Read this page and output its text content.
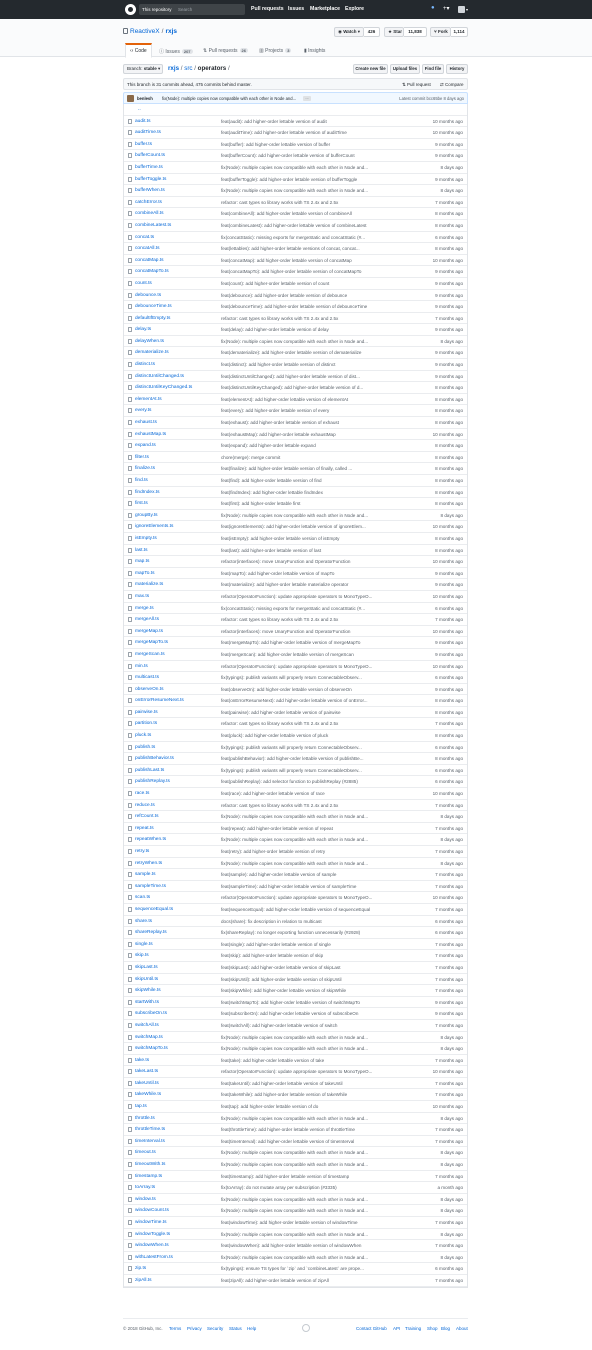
This repository Search	Pull requests Issues Marketplace Explore	● +▾	▾
ReactiveX / rxjs	◉ Watch ▾	426	★ Star	11,838	⑂ Fork	1,114
‹› Code	ⓘ Issues 207	⇅ Pull requests 26	▥ Projects 3	▮ Insights
Branch: stable ▾	rxjs / src / operators /	Create new file	Upload files	Find file	History
This branch is 31 commits ahead, 475 commits behind master.	⇅ Pull request ⇄ Compare
benlesh fix(Node): multiple copies now compatible with each other in Node and...	...	Latest commit bcc65be 8 days ago
..
audit.ts	feat(audit): add higher-order lettable version of audit	10 months ago
auditTime.ts	feat(auditTime): add higher-order lettable version of auditTime	10 months ago
buffer.ts	feat(buffer): add higher-order lettable version of buffer	9 months ago
bufferCount.ts	feat(bufferCount): add higher-order lettable version of bufferCount	9 months ago
bufferTime.ts	fix(Node): multiple copies now compatible with each other in Node and...	8 days ago
bufferToggle.ts	feat(bufferToggle): add higher-order lettable version of bufferToggle	9 months ago
bufferWhen.ts	fix(Node): multiple copies now compatible with each other in Node and...	8 days ago
catchError.ts	refactor: cast types so library works with TS 2.4x and 2.5x	7 months ago
combineAll.ts	feat(combineAll): add higher-order lettable version of combineAll	8 months ago
combineLatest.ts	feat(combineLatest): add higher-order lettable version of combineLatest	8 months ago
concat.ts	fix(concatStatic): missing exports for mergeStatic and concatStatic (#...	6 months ago
concatAll.ts	feat(lettables): add higher-order lettable versions of concat, concat...	8 months ago
concatMap.ts	feat(concatMap): add higher-order lettable version of concatMap	10 months ago
concatMapTo.ts	feat(concatMapTo): add higher-order lettable version of concatMapTo	9 months ago
count.ts	feat(count): add higher-order lettable version of count	9 months ago
debounce.ts	feat(debounce): add higher-order lettable version of debounce	9 months ago
debounceTime.ts	feat(debounceTime): add higher-order lettable version of debounceTime	9 months ago
defaultIfEmpty.ts	refactor: cast types so library works with TS 2.4x and 2.5x	7 months ago
delay.ts	feat(delay): add higher-order lettable version of delay	9 months ago
delayWhen.ts	fix(Node): multiple copies now compatible with each other in Node and...	8 days ago
dematerialize.ts	feat(dematerialize): add higher-order lettable version of dematerialize	9 months ago
distinct.ts	feat(distinct): add higher-order lettable version of distinct	9 months ago
distinctUntilChanged.ts	feat(distinctUntilChanged): add higher-order lettable version of dist...	9 months ago
distinctUntilKeyChanged.ts	feat(distinctUntilKeyChanged): add higher-order lettable version of d...	8 months ago
elementAt.ts	feat(elementAt): add higher-order lettable version of elementAt	8 months ago
every.ts	feat(every): add higher-order lettable version of every	8 months ago
exhaust.ts	feat(exhaust): add higher-order lettable version of exhaust	8 months ago
exhaustMap.ts	feat(exhaustMap): add higher-order lettable exhaustMap	10 months ago
expand.ts	feat(expand): add higher-order lettable expand	8 months ago
filter.ts	chore(merge): merge commit	8 months ago
finalize.ts	feat(finalize): add higher-order lettable version of finally, called ...	8 months ago
find.ts	feat(find): add higher-order lettable version of find	8 months ago
findIndex.ts	feat(findIndex): add higher-order lettable findIndex	8 months ago
first.ts	feat(first): add higher-order lettable first	8 months ago
groupBy.ts	fix(Node): multiple copies now compatible with each other in Node and...	8 days ago
ignoreElements.ts	feat(ignoreElements): add higher-order lettable version of ignoreElem...	10 months ago
isEmpty.ts	feat(isEmpty): add higher-order lettable version of isEmpty	8 months ago
last.ts	feat(last): add higher-order lettable version of last	8 months ago
map.ts	refactor(interfaces): move UnaryFunction and OperatorFunction	10 months ago
mapTo.ts	feat(mapTo): add higher-order lettable version of mapTo	9 months ago
materialize.ts	feat(materialize): add higher-order lettable materialize operator	9 months ago
max.ts	refactor(OperatorFunction): update appropriate operators to MonoTypeO...	10 months ago
merge.ts	fix(concatStatic): missing exports for mergeStatic and concatStatic (#...	6 months ago
mergeAll.ts	refactor: cast types so library works with TS 2.4x and 2.5x	7 months ago
mergeMap.ts	refactor(interfaces): move UnaryFunction and OperatorFunction	10 months ago
mergeMapTo.ts	feat(mergeMapTo): add higher-order lettable version of mergeMapTo	9 months ago
mergeScan.ts	feat(mergeScan): add higher-order lettable version of mergeScan	9 months ago
min.ts	refactor(OperatorFunction): update appropriate operators to MonoTypeO...	10 months ago
multicast.ts	fix(typings): publish variants will properly return ConnectableObserv...	6 months ago
observeOn.ts	feat(observeOn): add higher-order lettable version of observeOn	9 months ago
onErrorResumeNext.ts	feat(onErrorResumeNext): add higher-order lettable version of onError...	8 months ago
pairwise.ts	feat(pairwise): add higher-order lettable version of pairwise	8 months ago
partition.ts	refactor: cast types so library works with TS 2.4x and 2.5x	7 months ago
pluck.ts	feat(pluck): add higher-order lettable version of pluck	8 months ago
publish.ts	fix(typings): publish variants will properly return ConnectableObserv...	6 months ago
publishBehavior.ts	feat(publishBehavior): add higher-order lettable version of publishBe...	8 months ago
publishLast.ts	fix(typings): publish variants will properly return ConnectableObserv...	6 months ago
publishReplay.ts	feat(publishReplay): add selector function to publishReplay (#2885)	6 months ago
race.ts	feat(race): add higher-order lettable version of race	10 months ago
reduce.ts	refactor: cast types so library works with TS 2.4x and 2.5x	7 months ago
refCount.ts	fix(Node): multiple copies now compatible with each other in Node and...	8 days ago
repeat.ts	feat(repeat): add higher-order lettable version of repeat	7 months ago
repeatWhen.ts	fix(Node): multiple copies now compatible with each other in Node and...	8 days ago
retry.ts	feat(retry): add higher-order lettable version of retry	7 months ago
retryWhen.ts	fix(Node): multiple copies now compatible with each other in Node and...	8 days ago
sample.ts	feat(sample): add higher-order lettable version of sample	7 months ago
sampleTime.ts	feat(sampleTime): add higher-order lettable version of sampleTime	7 months ago
scan.ts	refactor(OperatorFunction): update appropriate operators to MonoTypeO...	10 months ago
sequenceEqual.ts	feat(sequenceEqual): add higher-order lettable version of sequenceEqual	7 months ago
share.ts	docs(share): fix description in relation to multicast	6 months ago
shareReplay.ts	fix(shareReplay): no longer exporting function unnecessarily (#2928)	6 months ago
single.ts	feat(single): add higher-order lettable version of single	7 months ago
skip.ts	feat(skip): add higher-order lettable version of skip	7 months ago
skipLast.ts	feat(skipLast): add higher-order lettable version of skipLast	7 months ago
skipUntil.ts	feat(skipUntil): add higher-order lettable version of skipUntil	7 months ago
skipWhile.ts	feat(skipWhile): add higher-order lettable version of skipWhile	7 months ago
startWith.ts	feat(switchMapTo): add higher-order lettable version of switchMapTo	9 months ago
subscribeOn.ts	feat(subscribeOn): add higher-order lettable version of subscribeOn	9 months ago
switchAll.ts	feat(switchAll): add higher-order lettable version of switch	7 months ago
switchMap.ts	fix(Node): multiple copies now compatible with each other in Node and...	8 days ago
switchMapTo.ts	fix(Node): multiple copies now compatible with each other in Node and...	8 days ago
take.ts	feat(take): add higher-order lettable version of take	7 months ago
takeLast.ts	refactor(OperatorFunction): update appropriate operators to MonoTypeO...	10 months ago
takeUntil.ts	feat(takeUntil): add higher-order lettable version of takeUntil	7 months ago
takeWhile.ts	feat(takeWhile): add higher-order lettable version of takeWhile	7 months ago
tap.ts	feat(tap): add higher-order lettable version of do	10 months ago
throttle.ts	fix(Node): multiple copies now compatible with each other in Node and...	8 days ago
throttleTime.ts	feat(throttleTime): add higher-order lettable version of throttleTime	7 months ago
timeInterval.ts	feat(timeInterval): add higher-order lettable version of timeInterval	7 months ago
timeout.ts	fix(Node): multiple copies now compatible with each other in Node and...	8 days ago
timeoutWith.ts	fix(Node): multiple copies now compatible with each other in Node and...	8 days ago
timestamp.ts	feat(timestamp): add higher-order lettable version of timestamp	7 months ago
toArray.ts	fix(toArray): do not mutate array per subscription (#3335)	a month ago
window.ts	fix(Node): multiple copies now compatible with each other in Node and...	8 days ago
windowCount.ts	fix(Node): multiple copies now compatible with each other in Node and...	8 days ago
windowTime.ts	feat(windowTime): add higher-order lettable version of windowTime	7 months ago
windowToggle.ts	fix(Node): multiple copies now compatible with each other in Node and...	8 days ago
windowWhen.ts	feat(windowWhen): add higher-order lettable version of windowWhen	7 months ago
withLatestFrom.ts	fix(Node): multiple copies now compatible with each other in Node and...	8 days ago
zip.ts	fix(typings): ensure TS types for `zip` and `combineLatest` are prope...	6 months ago
zipAll.ts	feat(zipAll): add higher-order lettable version of zipAll	7 months ago
© 2018 GitHub, Inc. Terms Privacy Security Status Help	Contact GitHub API Training Shop Blog About
